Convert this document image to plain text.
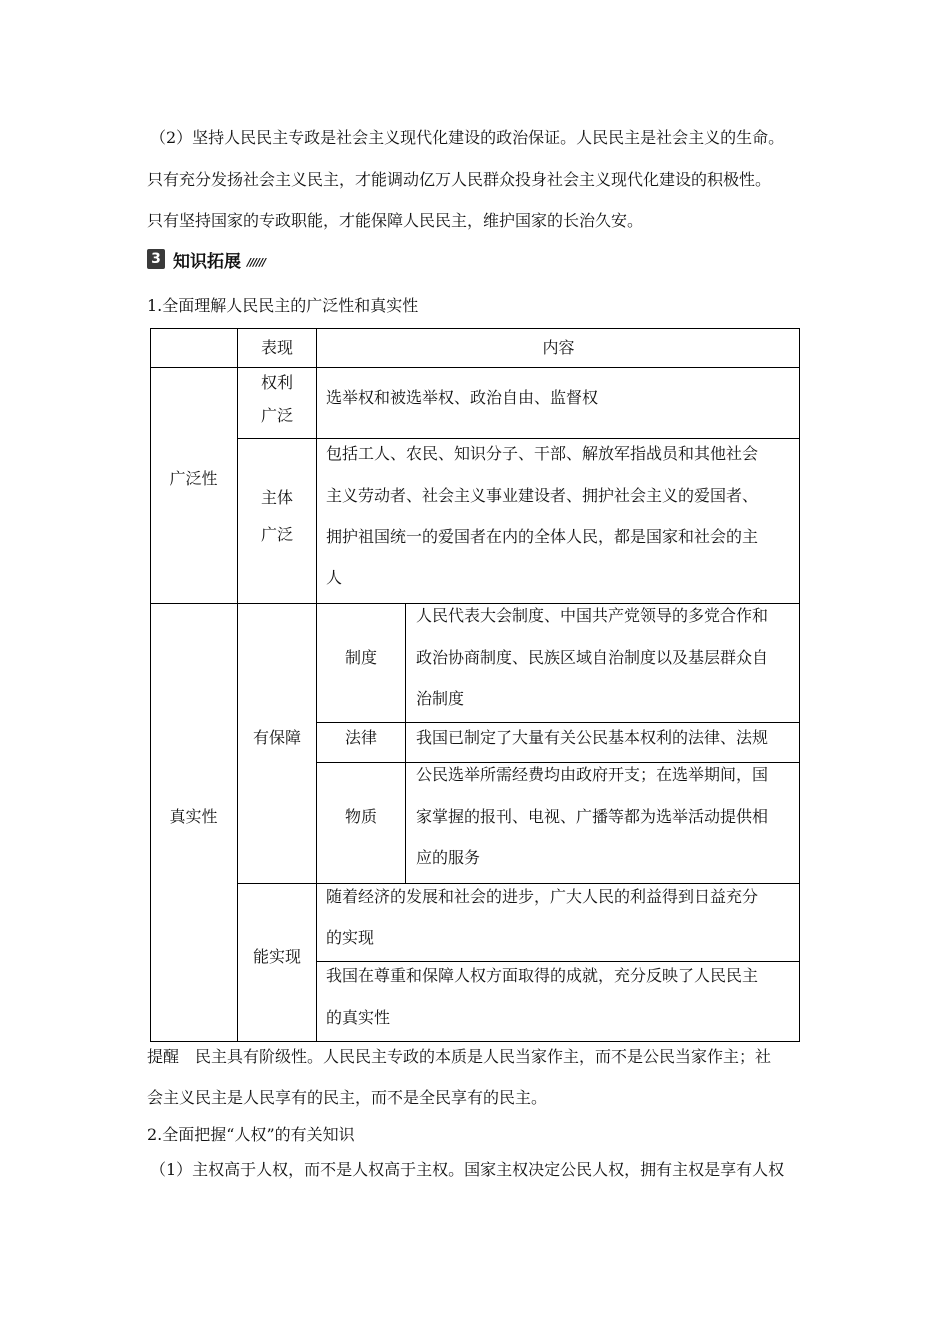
（2）坚持人民民主专政是社会主义现代化建设的政治保证。人民民主是社会主义的生命。
只有充分发扬社会主义民主，才能调动亿万人民群众投身社会主义现代化建设的积极性。
只有坚持国家的专政职能，才能保障人民民主，维护国家的长治久安。
3 知识拓展 //////
1.全面理解人民民主的广泛性和真实性
表现	内容
广泛性
权利
广泛
选举权和被选举权、政治自由、监督权
主体
广泛
包括工人、农民、知识分子、干部、解放军指战员和其他社会
主义劳动者、社会主义事业建设者、拥护社会主义的爱国者、
拥护祖国统一的爱国者在内的全体人民，都是国家和社会的主
人
真实性
有保障
制度
人民代表大会制度、中国共产党领导的多党合作和
政治协商制度、民族区域自治制度以及基层群众自
治制度
法律	我国已制定了大量有关公民基本权利的法律、法规
物质
公民选举所需经费均由政府开支；在选举期间，国
家掌握的报刊、电视、广播等都为选举活动提供相
应的服务
能实现
随着经济的发展和社会的进步，广大人民的利益得到日益充分
的实现
我国在尊重和保障人权方面取得的成就，充分反映了人民民主
的真实性
提醒　民主具有阶级性。人民民主专政的本质是人民当家作主，而不是公民当家作主；社
会主义民主是人民享有的民主，而不是全民享有的民主。
2.全面把握“人权”的有关知识
（1）主权高于人权，而不是人权高于主权。国家主权决定公民人权，拥有主权是享有人权
